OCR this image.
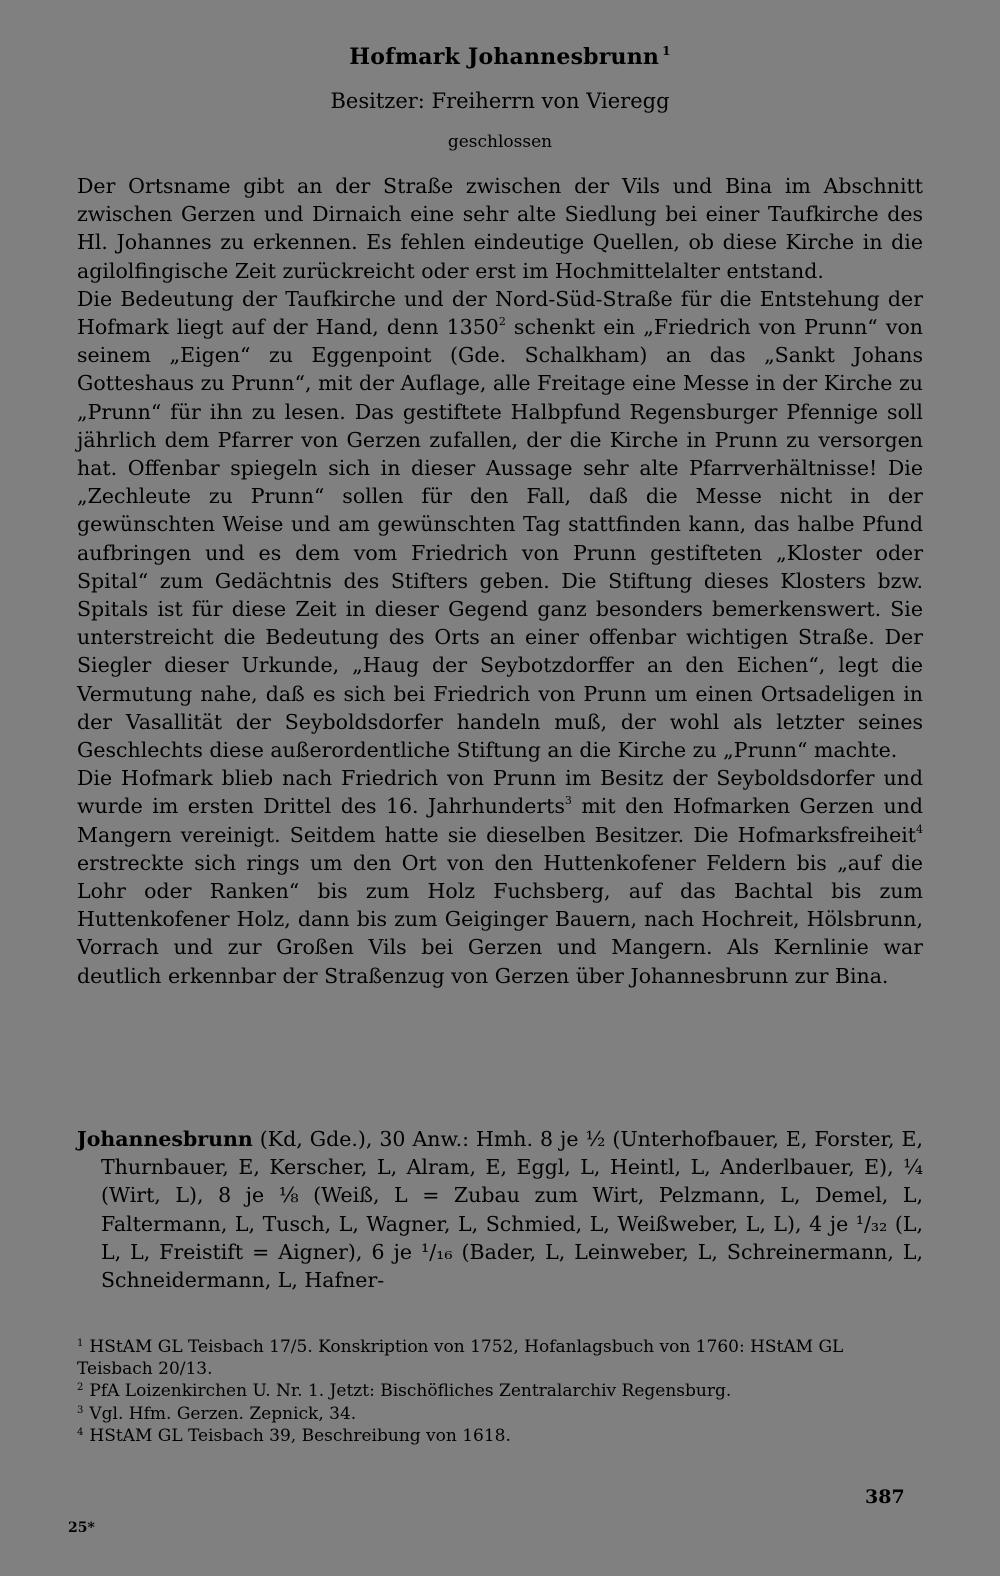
Hofmark Johannesbrunn $^1$
Besitzer: Freiherrn von Vieregg
geschlossen

Der Ortsname gibt an der Straße zwischen der Vils und Bina im Abschnitt zwischen Gerzen und Dirnaich eine sehr alte Siedlung bei einer Taufkirche des Hl. Johannes zu erkennen. Es fehlen eindeutige Quellen, ob diese Kirche in die agilolfingische Zeit zurückreicht oder erst im Hochmittelalter entstand.

Die Bedeutung der Taufkirche und der Nord-Süd-Straße für die Entstehung der Hofmark liegt auf der Hand, denn 1350$^2$ schenkt ein „Friedrich von Prunn“ von seinem „Eigen“ zu Eggenpoint (Gde. Schalkham) an das „Sankt Johans Gotteshaus zu Prunn“, mit der Auflage, alle Freitage eine Messe in der Kirche zu „Prunn“ für ihn zu lesen. Das gestiftete Halbpfund Regensburger Pfennige soll jährlich dem Pfarrer von Gerzen zufallen, der die Kirche in Prunn zu versorgen hat. Offenbar spiegeln sich in dieser Aussage sehr alte Pfarrverhältnisse! Die „Zechleute zu Prunn“ sollen für den Fall, daß die Messe nicht in der gewünschten Weise und am gewünschten Tag stattfinden kann, das halbe Pfund aufbringen und es dem vom Friedrich von Prunn gestifteten „Kloster oder Spital“ zum Gedächtnis des Stifters geben. Die Stiftung dieses Klosters bzw. Spitals ist für diese Zeit in dieser Gegend ganz besonders bemerkenswert. Sie unterstreicht die Bedeutung des Orts an einer offenbar wichtigen Straße. Der Siegler dieser Urkunde, „Haug der Seybotzdorffer an den Eichen“, legt die Vermutung nahe, daß es sich bei Friedrich von Prunn um einen Ortsadeligen in der Vasallität der Seyboldsdorfer handeln muß, der wohl als letzter seines Geschlechts diese außerordentliche Stiftung an die Kirche zu „Prunn“ machte.

Die Hofmark blieb nach Friedrich von Prunn im Besitz der Seyboldsdorfer und wurde im ersten Drittel des 16. Jahrhunderts$^3$ mit den Hofmarken Gerzen und Mangern vereinigt. Seitdem hatte sie dieselben Besitzer. Die Hofmarksfreiheit$^4$ erstreckte sich rings um den Ort von den Huttenkofener Feldern bis „auf die Lohr oder Ranken“ bis zum Holz Fuchsberg, auf das Bachtal bis zum Huttenkofener Holz, dann bis zum Geiginger Bauern, nach Hochreit, Hölsbrunn, Vorrach und zur Großen Vils bei Gerzen und Mangern. Als Kernlinie war deutlich erkennbar der Straßenzug von Gerzen über Johannesbrunn zur Bina.

Johannesbrunn (Kd, Gde.), 30 Anw.: Hmh. 8 je ½ (Unterhofbauer, E, Forster, E, Thurnbauer, E, Kerscher, L, Alram, E, Eggl, L, Heintl, L, Anderlbauer, E), ¼ (Wirt, L), 8 je ⅛ (Weiß, L = Zubau zum Wirt, Pelzmann, L, Demel, L, Faltermann, L, Tusch, L, Wagner, L, Schmied, L, Weißweber, L, L), 4 je ¹/₃₂ (L, L, L, Freistift = Aigner), 6 je ¹/₁₆ (Bader, L, Leinweber, L, Schreinermann, L, Schneidermann, L, Hafner-
$^1$ HStAM GL Teisbach 17/5. Konskription von 1752, Hofanlagsbuch von 1760: HStAM GL Teisbach 20/13.
$^2$ PfA Loizenkirchen U. Nr. 1. Jetzt: Bischöfliches Zentralarchiv Regensburg.
$^3$ Vgl. Hfm. Gerzen. Zepnick, 34.
$^4$ HStAM GL Teisbach 39, Beschreibung von 1618.
387
25*
